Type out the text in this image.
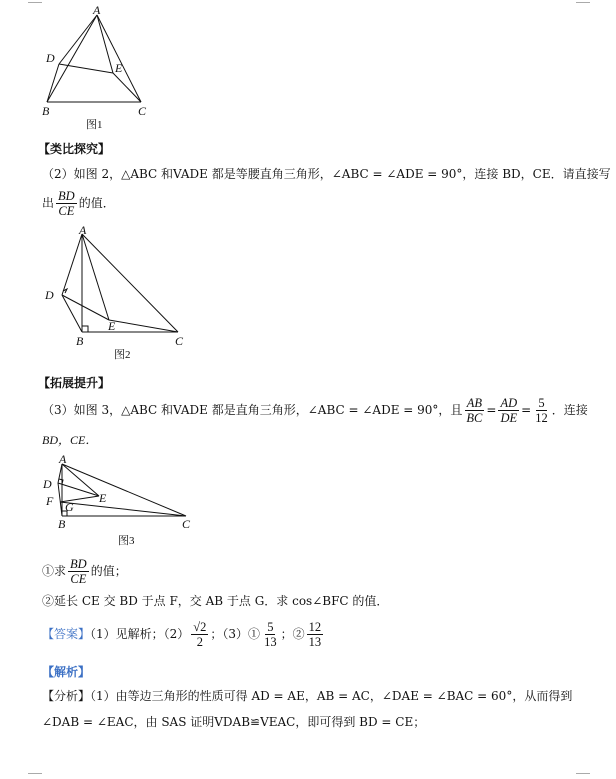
A
D
E
B	C
图1
【类比探究】
（2）如图 2，△ABC 和VADE 都是等腰直角三角形，∠ABC = ∠ADE = 90°，连接 BD，CE．请直接写
出 $\frac{BD}{CE}$ 的值．
A
D
E
B	C
图2
【拓展提升】
（3）如图 3，△ABC 和VADE 都是直角三角形，∠ABC = ∠ADE = 90°，且 $\frac{AB}{BC} = \frac{AD}{DE} = \frac{5}{12}$ ．连接
BD，CE．
A
D
F G
E
B	C
图3
①求 $\frac{BD}{CE}$ 的值；
②延长 CE 交 BD 于点 F，交 AB 于点 G．求 cos∠BFC 的值．
【答案】（1）见解析；$(2) \frac{√2}{2}$ ；（3）① $\frac{5}{13}$ ；② $\frac{12}{13}$
【解析】
【分析】（1）由等边三角形的性质可得 AD = AE，AB = AC，∠DAE = ∠BAC = 60°，从而得到
∠DAB = ∠EAC，由 SAS 证明VDAB≌VEAC，即可得到 BD = CE；
